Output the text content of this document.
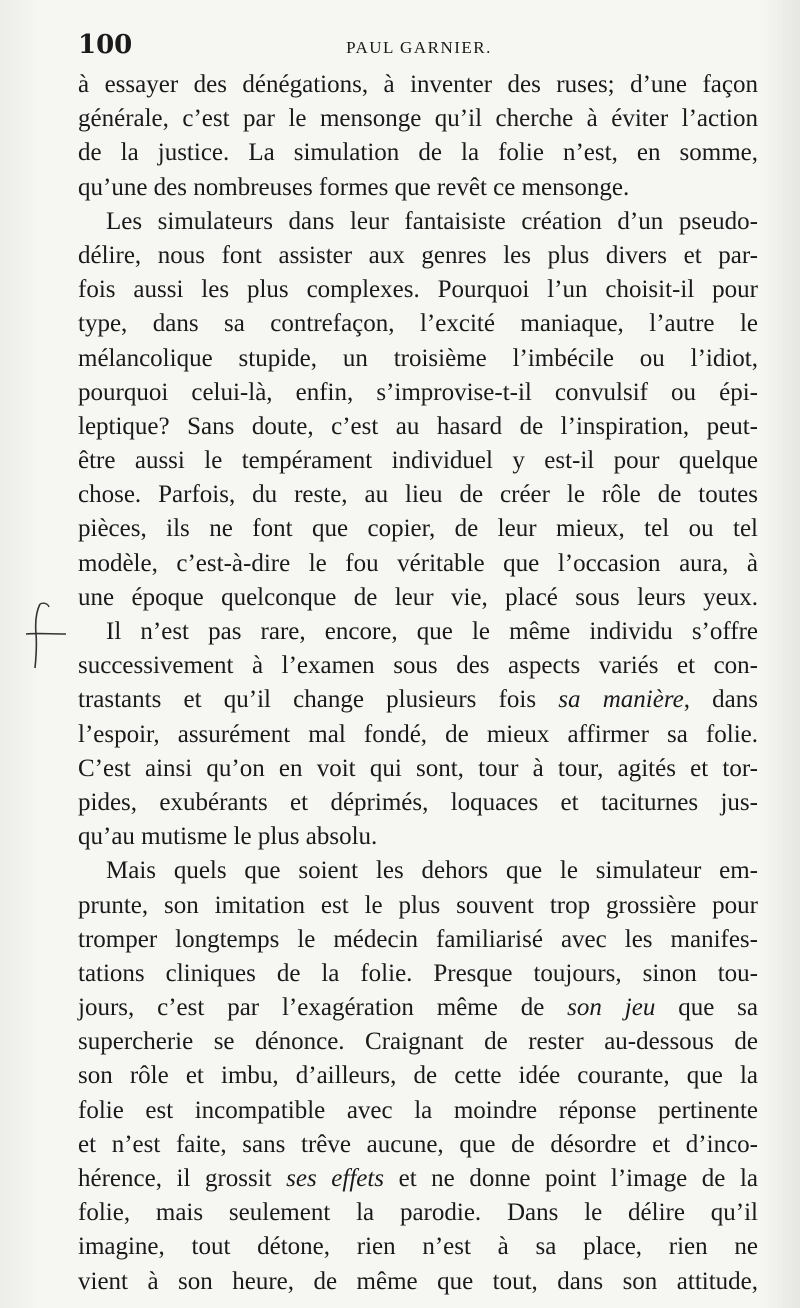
100	PAUL GARNIER.
à essayer des dénégations, à inventer des ruses; d’une façon
générale, c’est par le mensonge qu’il cherche à éviter l’action
de la justice. La simulation de la folie n’est, en somme,
qu’une des nombreuses formes que revêt ce mensonge.
Les simulateurs dans leur fantaisiste création d’un pseudo-
délire, nous font assister aux genres les plus divers et par-
fois aussi les plus complexes. Pourquoi l’un choisit-il pour
type, dans sa contrefaçon, l’excité maniaque, l’autre le
mélancolique stupide, un troisième l’imbécile ou l’idiot,
pourquoi celui-là, enfin, s’improvise-t-il convulsif ou épi-
leptique? Sans doute, c’est au hasard de l’inspiration, peut-
être aussi le tempérament individuel y est-il pour quelque
chose. Parfois, du reste, au lieu de créer le rôle de toutes
pièces, ils ne font que copier, de leur mieux, tel ou tel
modèle, c’est-à-dire le fou véritable que l’occasion aura, à
une époque quelconque de leur vie, placé sous leurs yeux.
Il n’est pas rare, encore, que le même individu s’offre
successivement à l’examen sous des aspects variés et con-
trastants et qu’il change plusieurs fois sa manière, dans
l’espoir, assurément mal fondé, de mieux affirmer sa folie.
C’est ainsi qu’on en voit qui sont, tour à tour, agités et tor-
pides, exubérants et déprimés, loquaces et taciturnes jus-
qu’au mutisme le plus absolu.
Mais quels que soient les dehors que le simulateur em-
prunte, son imitation est le plus souvent trop grossière pour
tromper longtemps le médecin familiarisé avec les manifes-
tations cliniques de la folie. Presque toujours, sinon tou-
jours, c’est par l’exagération même de son jeu que sa
supercherie se dénonce. Craignant de rester au-dessous de
son rôle et imbu, d’ailleurs, de cette idée courante, que la
folie est incompatible avec la moindre réponse pertinente
et n’est faite, sans trêve aucune, que de désordre et d’inco-
hérence, il grossit ses effets et ne donne point l’image de la
folie, mais seulement la parodie. Dans le délire qu’il
imagine, tout détone, rien n’est à sa place, rien ne
vient à son heure, de même que tout, dans son attitude,
